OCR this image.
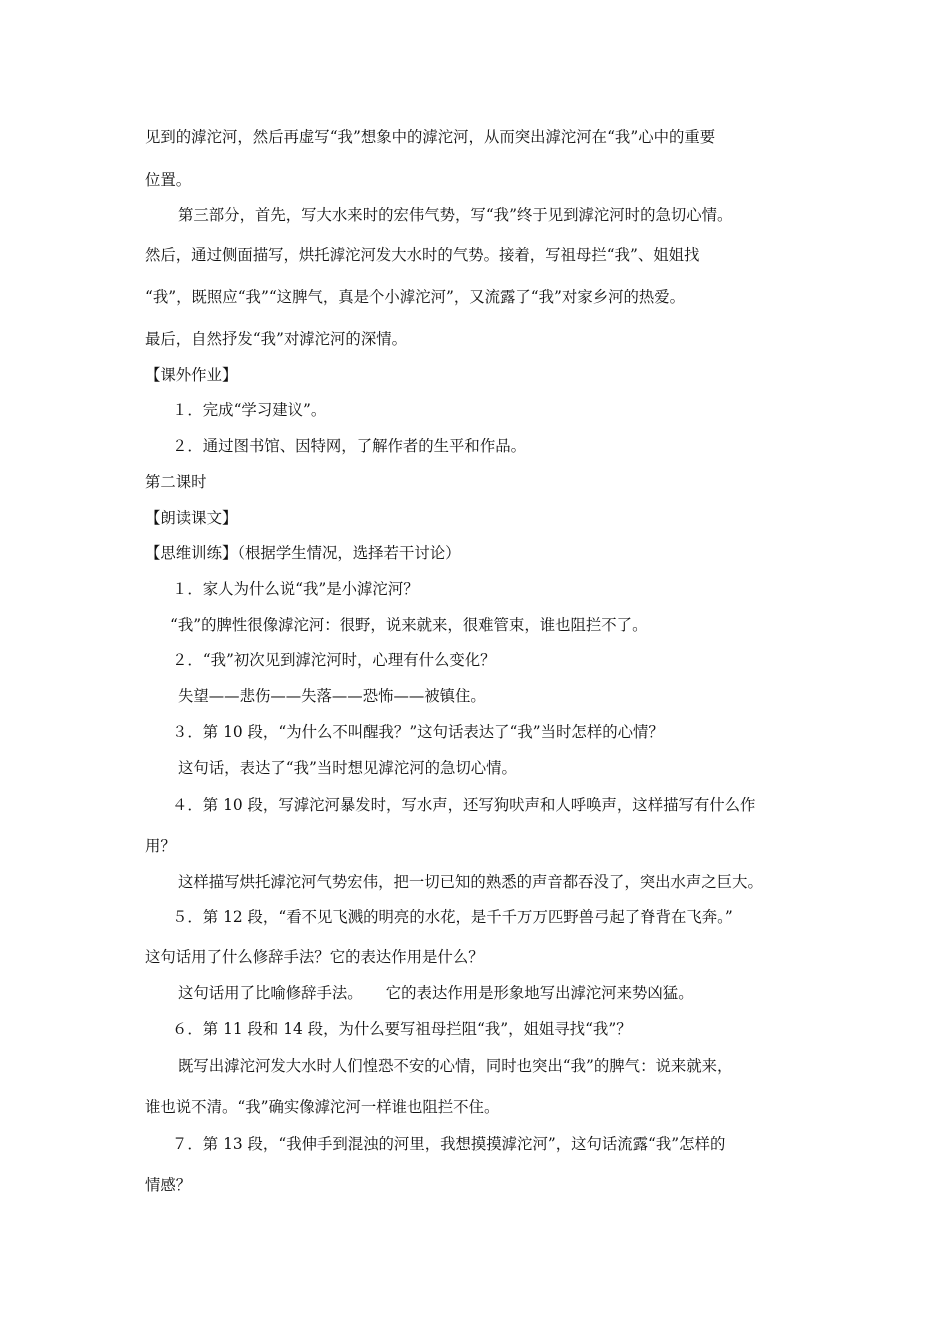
见到的滹沱河，然后再虚写“我”想象中的滹沱河，从而突出滹沱河在“我”心中的重要
位置。
第三部分，首先，写大水来时的宏伟气势，写“我”终于见到滹沱河时的急切心情。
然后，通过侧面描写，烘托滹沱河发大水时的气势。接着，写祖母拦“我”、姐姐找
“我”，既照应“我”“这脾气，真是个小滹沱河”，又流露了“我”对家乡河的热爱。
最后，自然抒发“我”对滹沱河的深情。
【课外作业】
１．完成“学习建议”。
２．通过图书馆、因特网，了解作者的生平和作品。
第二课时
【朗读课文】
【思维训练】（根据学生情况，选择若干讨论）
１．家人为什么说“我”是小滹沱河？
“我”的脾性很像滹沱河：很野，说来就来，很难管束，谁也阻拦不了。
２．“我”初次见到滹沱河时，心理有什么变化？
失望——悲伤——失落——恐怖——被镇住。
３．第 10 段，“为什么不叫醒我？”这句话表达了“我”当时怎样的心情？
这句话，表达了“我”当时想见滹沱河的急切心情。
４．第 10 段，写滹沱河暴发时，写水声，还写狗吠声和人呼唤声，这样描写有什么作
用？
这样描写烘托滹沱河气势宏伟，把一切已知的熟悉的声音都吞没了，突出水声之巨大。
５．第 12 段，“看不见飞溅的明亮的水花，是千千万万匹野兽弓起了脊背在飞奔。”
这句话用了什么修辞手法？它的表达作用是什么？
这句话用了比喻修辞手法。　　它的表达作用是形象地写出滹沱河来势凶猛。
６．第 11 段和 14 段，为什么要写祖母拦阻“我”，姐姐寻找“我”？
既写出滹沱河发大水时人们惶恐不安的心情，同时也突出“我”的脾气：说来就来，
谁也说不清。“我”确实像滹沱河一样谁也阻拦不住。
７．第 13 段，“我伸手到混浊的河里，我想摸摸滹沱河”，这句话流露“我”怎样的
情感？
